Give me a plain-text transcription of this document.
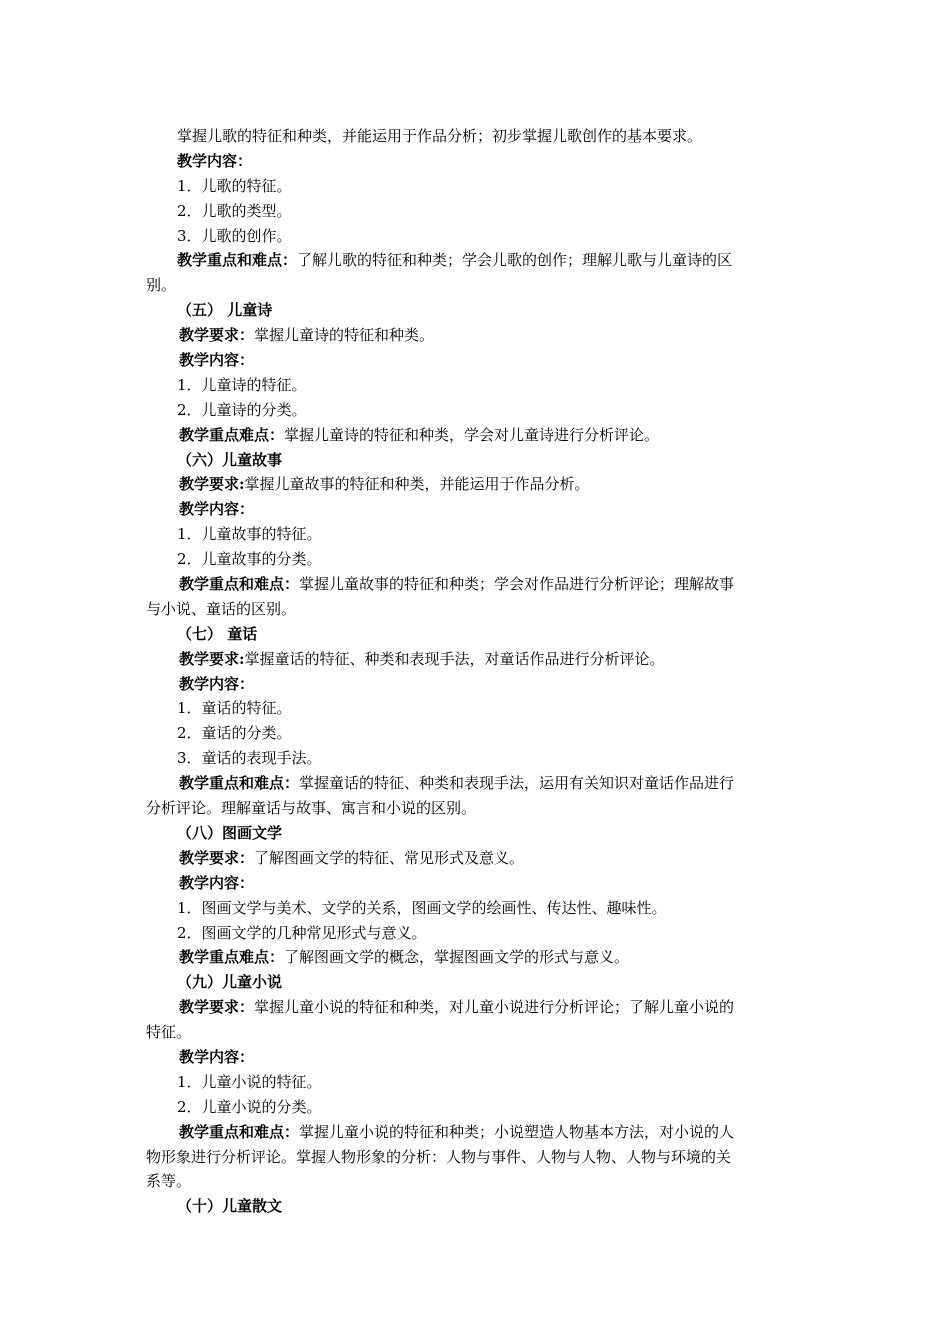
掌握儿歌的特征和种类，并能运用于作品分析；初步掌握儿歌创作的基本要求。
教学内容：
1．儿歌的特征。
2．儿歌的类型。
3．儿歌的创作。
教学重点和难点：了解儿歌的特征和种类；学会儿歌的创作；理解儿歌与儿童诗的区
别。
（五） 儿童诗
教学要求：掌握儿童诗的特征和种类。
教学内容：
1．儿童诗的特征。
2．儿童诗的分类。
教学重点难点：掌握儿童诗的特征和种类，学会对儿童诗进行分析评论。
（六）儿童故事
教学要求:掌握儿童故事的特征和种类，并能运用于作品分析。
教学内容：
1．儿童故事的特征。
2．儿童故事的分类。
教学重点和难点：掌握儿童故事的特征和种类；学会对作品进行分析评论；理解故事
与小说、童话的区别。
（七） 童话
教学要求:掌握童话的特征、种类和表现手法，对童话作品进行分析评论。
教学内容：
1．童话的特征。
2．童话的分类。
3．童话的表现手法。
教学重点和难点：掌握童话的特征、种类和表现手法，运用有关知识对童话作品进行
分析评论。理解童话与故事、寓言和小说的区别。
（八）图画文学
教学要求：了解图画文学的特征、常见形式及意义。
教学内容：
1．图画文学与美术、文学的关系，图画文学的绘画性、传达性、趣味性。
2．图画文学的几种常见形式与意义。
教学重点难点：了解图画文学的概念，掌握图画文学的形式与意义。
（九）儿童小说
教学要求：掌握儿童小说的特征和种类，对儿童小说进行分析评论；了解儿童小说的
特征。
教学内容：
1．儿童小说的特征。
2．儿童小说的分类。
教学重点和难点：掌握儿童小说的特征和种类；小说塑造人物基本方法，对小说的人
物形象进行分析评论。掌握人物形象的分析：人物与事件、人物与人物、人物与环境的关
系等。
（十）儿童散文
